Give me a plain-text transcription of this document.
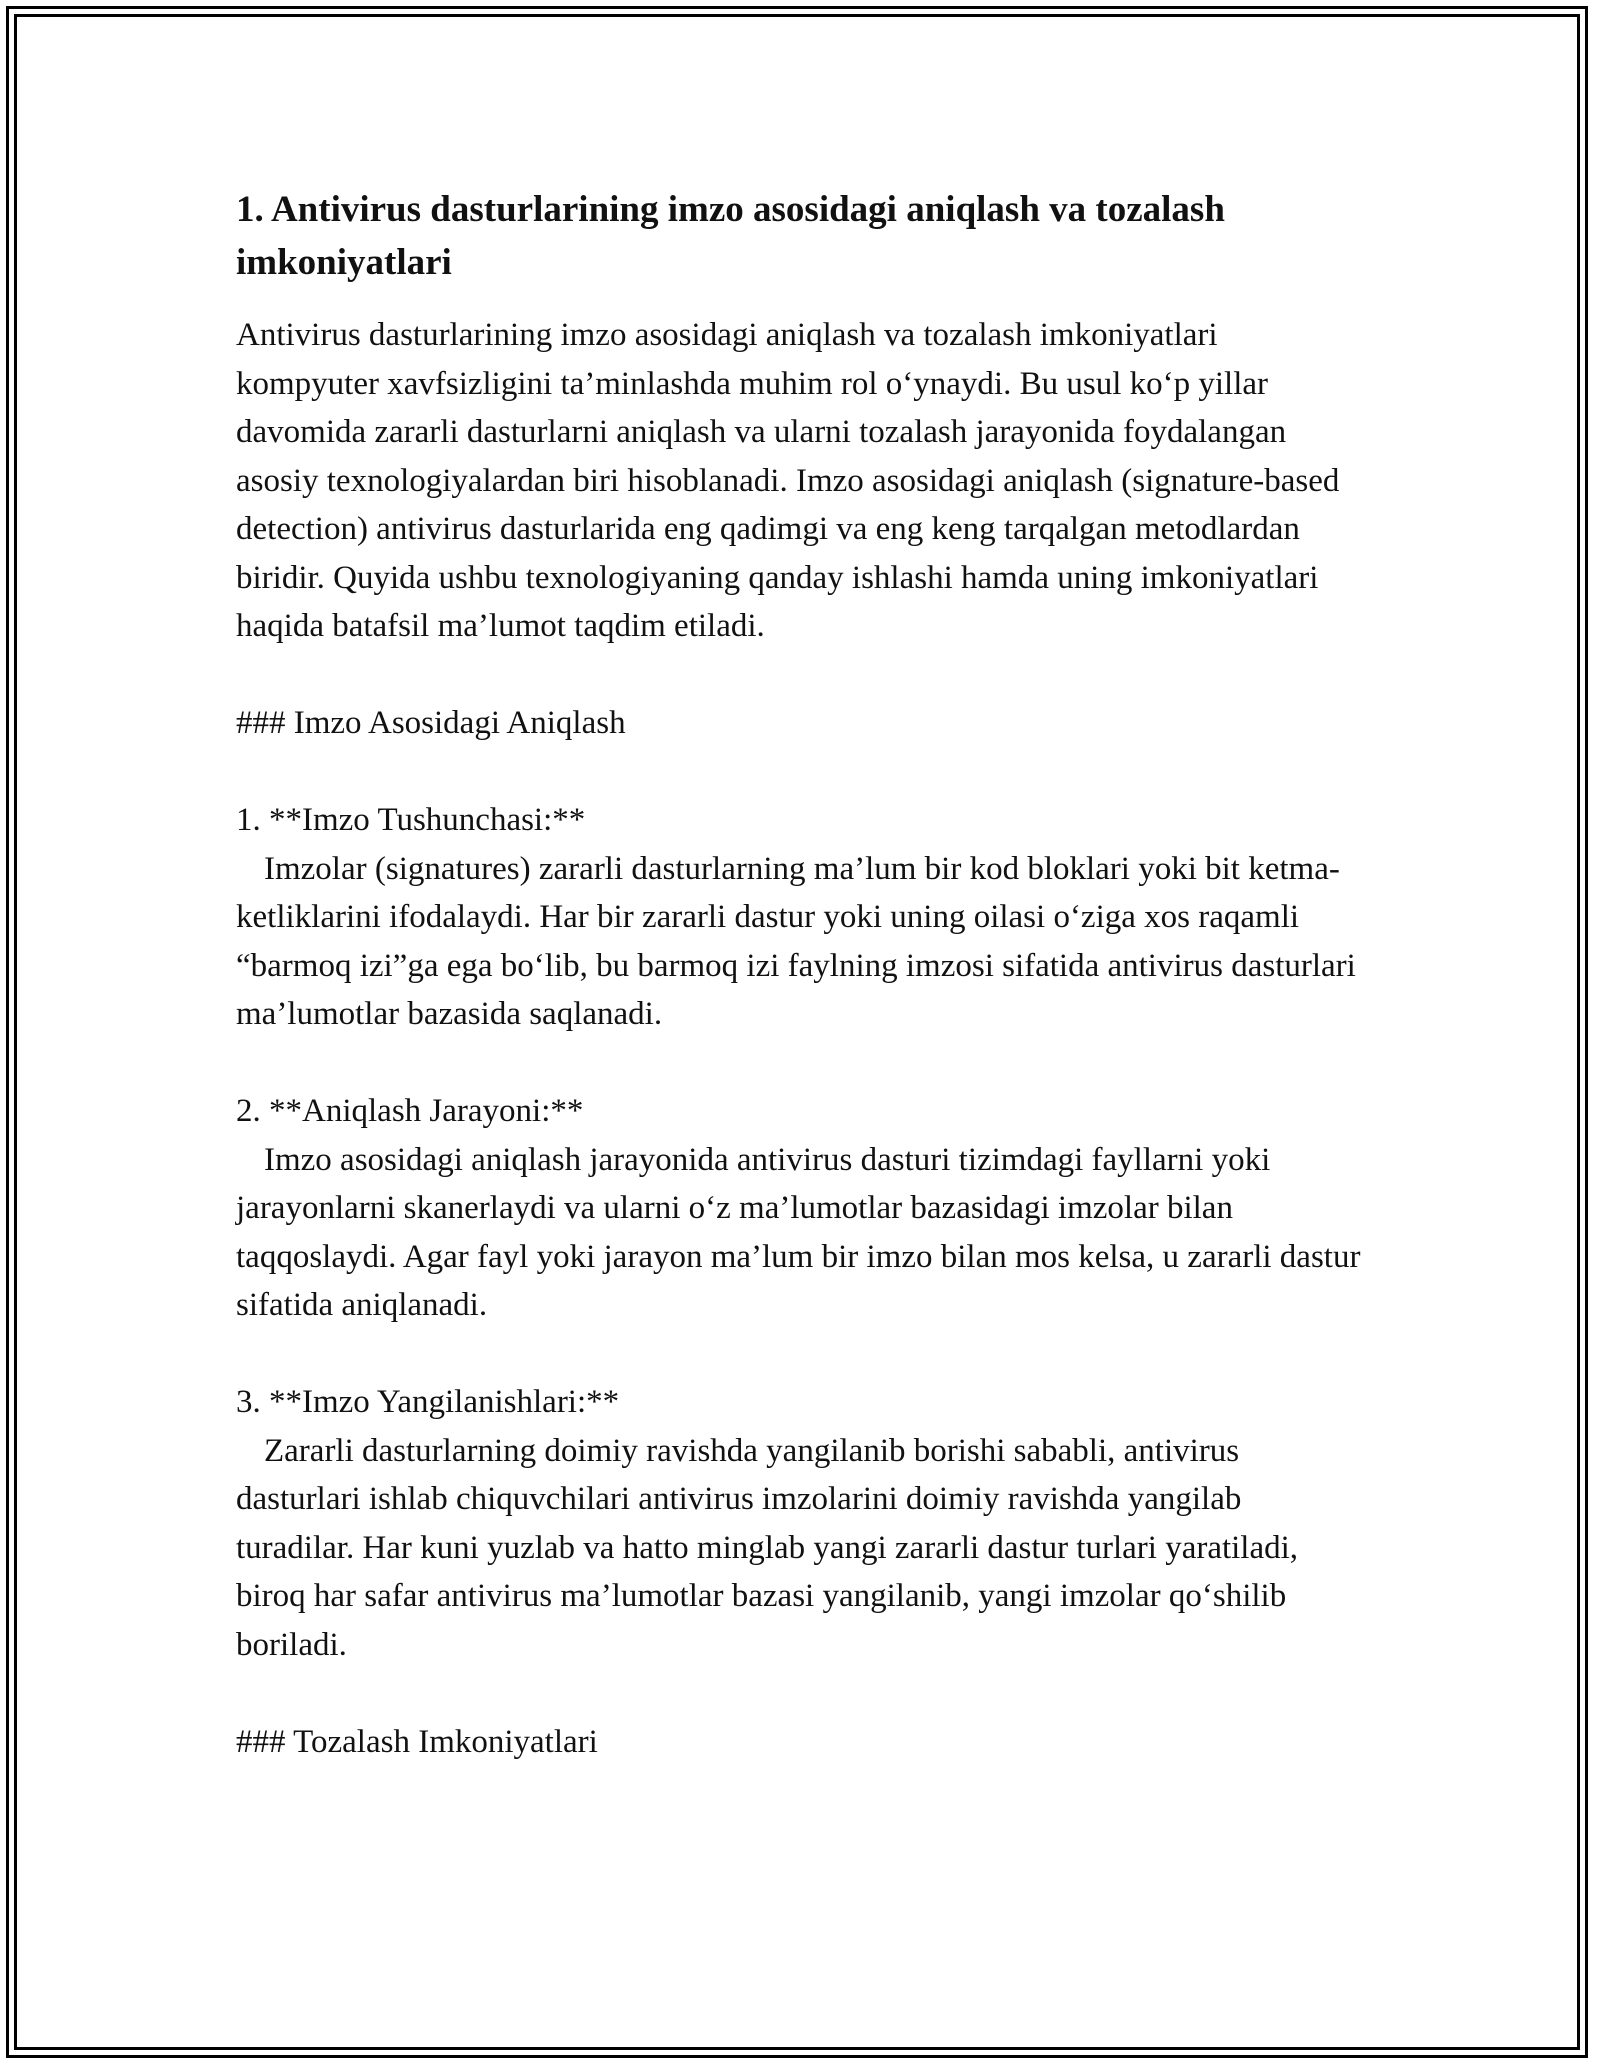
1. Antivirus dasturlarining imzo asosidagi aniqlash va tozalash imkoniyatlari

Antivirus dasturlarining imzo asosidagi aniqlash va tozalash imkoniyatlari kompyuter xavfsizligini ta’minlashda muhim rol o‘ynaydi. Bu usul ko‘p yillar davomida zararli dasturlarni aniqlash va ularni tozalash jarayonida foydalangan asosiy texnologiyalardan biri hisoblanadi. Imzo asosidagi aniqlash (signature-based detection) antivirus dasturlarida eng qadimgi va eng keng tarqalgan metodlardan biridir. Quyida ushbu texnologiyaning qanday ishlashi hamda uning imkoniyatlari haqida batafsil ma’lumot taqdim etiladi.

### Imzo Asosidagi Aniqlash

1. **Imzo Tushunchasi:**

Imzolar (signatures) zararli dasturlarning ma’lum bir kod bloklari yoki bit ketma-ketliklarini ifodalaydi. Har bir zararli dastur yoki uning oilasi o‘ziga xos raqamli “barmoq izi”ga ega bo‘lib, bu barmoq izi faylning imzosi sifatida antivirus dasturlari ma’lumotlar bazasida saqlanadi.

2. **Aniqlash Jarayoni:**

Imzo asosidagi aniqlash jarayonida antivirus dasturi tizimdagi fayllarni yoki jarayonlarni skanerlaydi va ularni o‘z ma’lumotlar bazasidagi imzolar bilan taqqoslaydi. Agar fayl yoki jarayon ma’lum bir imzo bilan mos kelsa, u zararli dastur sifatida aniqlanadi.

3. **Imzo Yangilanishlari:**

Zararli dasturlarning doimiy ravishda yangilanib borishi sababli, antivirus dasturlari ishlab chiquvchilari antivirus imzolarini doimiy ravishda yangilab turadilar. Har kuni yuzlab va hatto minglab yangi zararli dastur turlari yaratiladi, biroq har safar antivirus ma’lumotlar bazasi yangilanib, yangi imzolar qo‘shilib boriladi.

### Tozalash Imkoniyatlari
